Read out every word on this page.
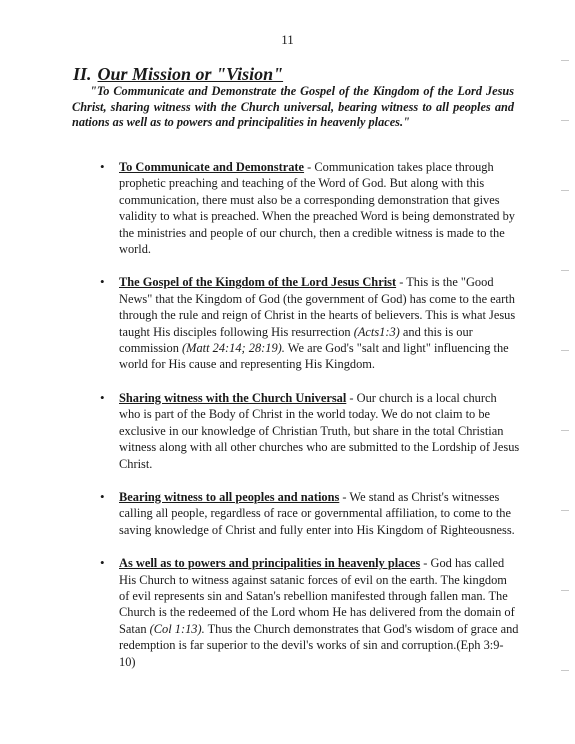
11
II. Our Mission or "Vision"
"To Communicate and Demonstrate the Gospel of the Kingdom of the Lord Jesus Christ, sharing witness with the Church universal, bearing witness to all peoples and nations as well as to powers and principalities in heavenly places."
• To Communicate and Demonstrate - Communication takes place through prophetic preaching and teaching of the Word of God. But along with this communication, there must also be a corresponding demonstration that gives validity to what is preached. When the preached Word is being demonstrated by the ministries and people of our church, then a credible witness is made to the world.
• The Gospel of the Kingdom of the Lord Jesus Christ - This is the "Good News" that the Kingdom of God (the government of God) has come to the earth through the rule and reign of Christ in the hearts of believers. This is what Jesus taught His disciples following His resurrection (Acts1:3) and this is our commission (Matt 24:14; 28:19). We are God's "salt and light" influencing the world for His cause and representing His Kingdom.
• Sharing witness with the Church Universal - Our church is a local church who is part of the Body of Christ in the world today. We do not claim to be exclusive in our knowledge of Christian Truth, but share in the total Christian witness along with all other churches who are submitted to the Lordship of Jesus Christ.
• Bearing witness to all peoples and nations - We stand as Christ's witnesses calling all people, regardless of race or governmental affiliation, to come to the saving knowledge of Christ and fully enter into His Kingdom of Righteousness.
• As well as to powers and principalities in heavenly places - God has called His Church to witness against satanic forces of evil on the earth. The kingdom of evil represents sin and Satan's rebellion manifested through fallen man. The Church is the redeemed of the Lord whom He has delivered from the domain of Satan (Col 1:13). Thus the Church demonstrates that God's wisdom of grace and redemption is far superior to the devil's works of sin and corruption.(Eph 3:9-10)
